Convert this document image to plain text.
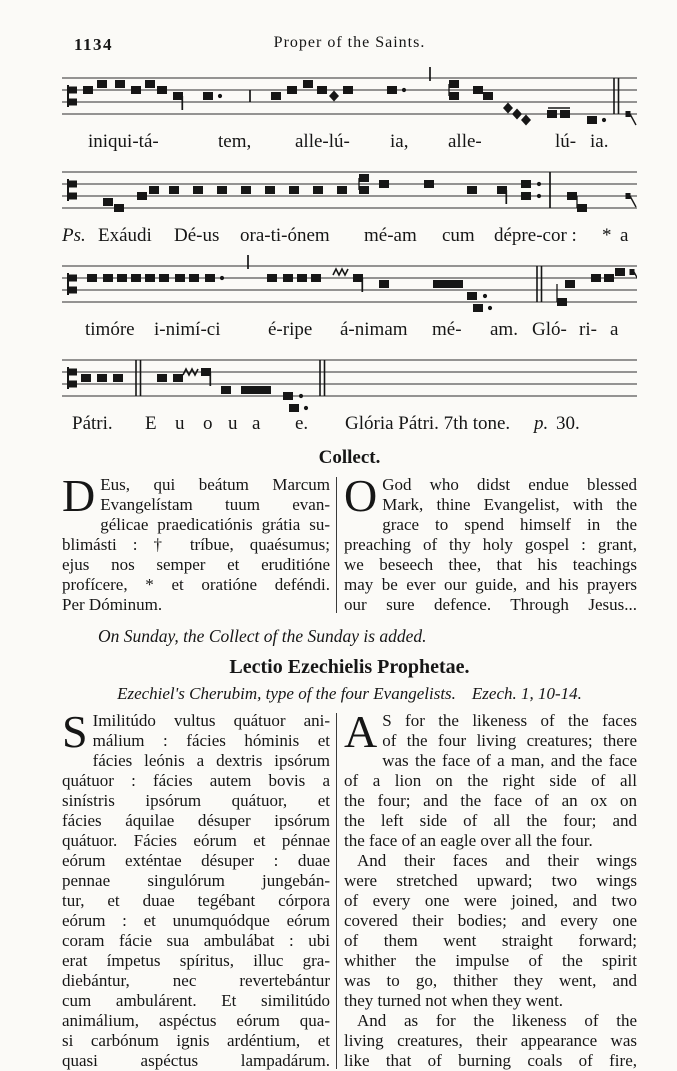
1134	Proper of the Saints.
iniqui-tá-	tem, alle-lú- ia, alle-	lú- ia.
Ps. Exáudi Dé-us ora-ti-ónem mé-am cum dépre-cor : * a
timóre i-nimí-ci	é-ripe á-nimam mé- am. Gló- ri- a
Pátri. E u o u a e. Glória Pátri. 7th tone. p. 30.
Collect.
D Eus, qui beátum Marcum
Evangelístam tuum evan-
gélicae praedicatiónis grátia su-
blimásti : † tríbue, quaésumus;
ejus nos semper et eruditióne
profícere, * et oratióne deféndi.
Per Dóminum.
O God who didst endue blessed
Mark, thine Evangelist, with the
grace to spend himself in the
preaching of thy holy gospel : grant,
we beseech thee, that his teachings
may be ever our guide, and his prayers
our sure defence. Through Jesus...
On Sunday, the Collect of the Sunday is added.
Lectio Ezechielis Prophetae.
Ezechiel's Cherubim, type of the four Evangelists. Ezech. 1, 10-14.
S Imilitúdo vultus quátuor ani-
málium : fácies hóminis et
fácies leónis a dextris ipsórum
quátuor : fácies autem bovis a
sinístris ipsórum quátuor, et
fácies áquilae désuper ipsórum
quátuor. Fácies eórum et pénnae
eórum exténtae désuper : duae
pennae singulórum jungebán-
tur, et duae tegébant córpora
eórum : et unumquódque eórum
coram fácie sua ambulábat : ubi
erat ímpetus spíritus, illuc gra-
diebántur, nec revertebántur
cum ambulárent. Et similitúdo
animálium, aspéctus eórum qua-
si carbónum ignis ardéntium, et
quasi aspéctus lampadárum.
A S for the likeness of the faces
of the four living creatures; there
was the face of a man, and the face
of a lion on the right side of all
the four; and the face of an ox on
the left side of all the four; and
the face of an eagle over all the four.
And their faces and their wings
were stretched upward; two wings
of every one were joined, and two
covered their bodies; and every one
of them went straight forward;
whither the impulse of the spirit
was to go, thither they went, and
they turned not when they went.
And as for the likeness of the
living creatures, their appearance was
like that of burning coals of fire,
